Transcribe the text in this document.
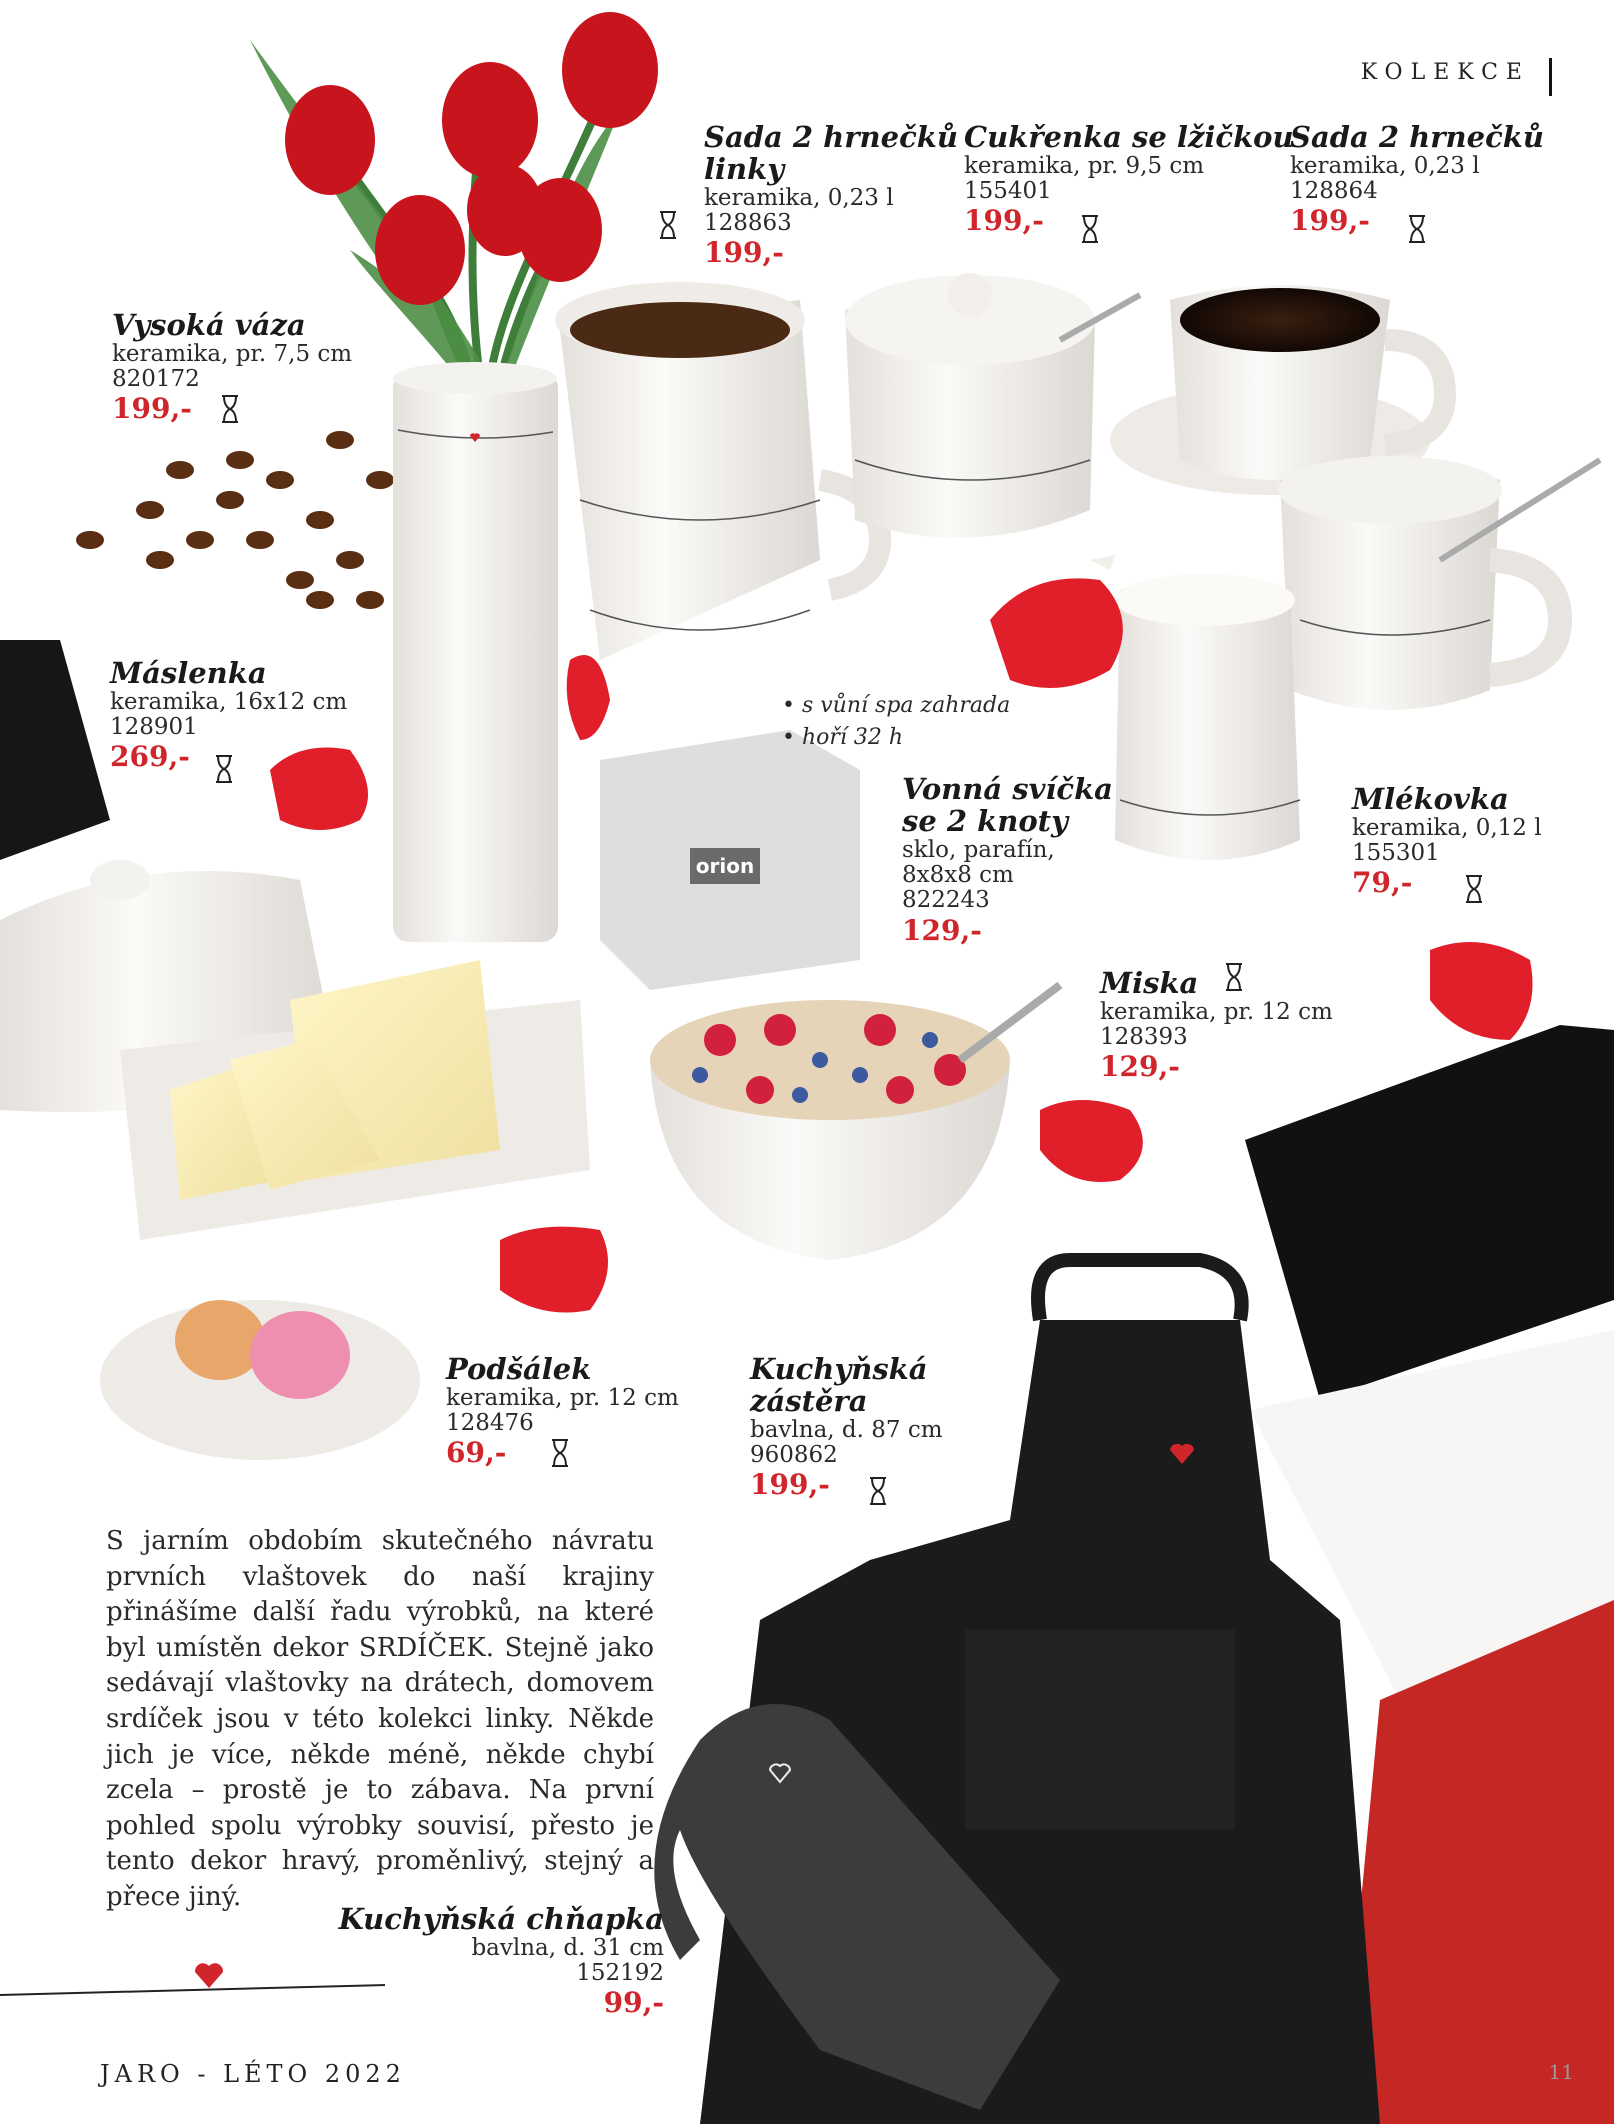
orion
KOLEKCE
Vysoká váza
keramika, pr. 7,5 cm
820172
199,-
Sada 2 hrnečků
linky
keramika, 0,23 l
128863
199,-
Cukřenka se lžičkou
keramika, pr. 9,5 cm
155401
199,-
Sada 2 hrnečků
keramika, 0,23 l
128864
199,-
Máslenka
keramika, 16x12 cm
128901
269,-
• s vůní spa zahrada
• hoří 32 h
Vonná svíčka
se 2 knoty
sklo, parafín,
8x8x8 cm
822243
129,-
Mlékovka
keramika, 0,12 l
155301
79,-
Miska
keramika, pr. 12 cm
128393
129,-
Podšálek
keramika, pr. 12 cm
128476
69,-
Kuchyňská
zástěra
bavlna, d. 87 cm
960862
199,-
Kuchyňská chňapka
bavlna, d. 31 cm
152192
99,-
S jarním obdobím skutečného návratu prvních vlaštovek do naší krajiny přinášíme další řadu výrobků, na které byl umístěn dekor SRDÍČEK. Stejně jako sedávají vlaštovky na drátech, domovem srdíček jsou v této kolekci linky. Někde jich je více, někde méně, někde chybí zcela – prostě je to zábava. Na první pohled spolu výrobky souvisí, přesto je tento dekor hravý, proměnlivý, stejný a přece jiný.
JARO - LÉTO 2022	11
